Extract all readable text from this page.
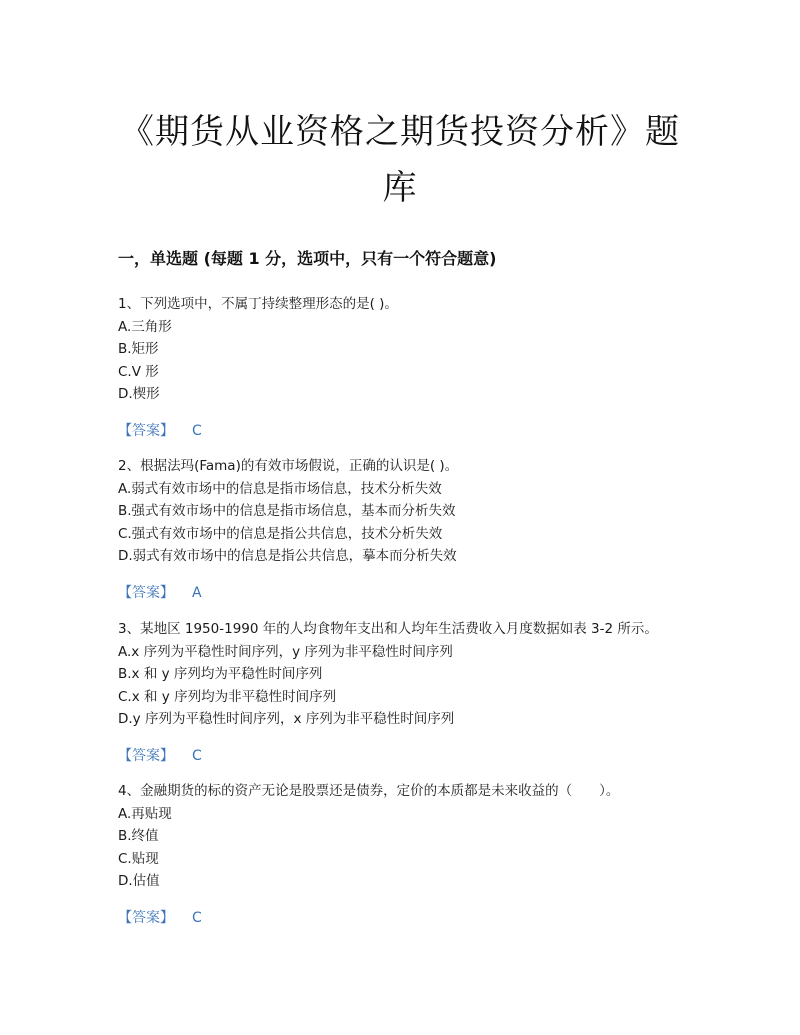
《期货从业资格之期货投资分析》题
库
一，单选题 (每题 1 分，选项中，只有一个符合题意)
1、下列选项中，不属丁持续整理形态的是( )。
A.三角形
B.矩形
C.V 形
D.楔形
【答案】 C
2、根据法玛(Fama)的有效市场假说，正确的认识是( )。
A.弱式有效市场中的信息是指市场信息，技术分析失效
B.强式有效市场中的信息是指市场信息，基本而分析失效
C.强式有效市场中的信息是指公共信息，技术分析失效
D.弱式有效市场中的信息是指公共信息，摹本而分析失效
【答案】 A
3、某地区 1950-1990 年的人均食物年支出和人均年生活费收入月度数据如表 3-2 所示。
A.x 序列为平稳性时间序列，y 序列为非平稳性时间序列
B.x 和 y 序列均为平稳性时间序列
C.x 和 y 序列均为非平稳性时间序列
D.y 序列为平稳性时间序列，x 序列为非平稳性时间序列
【答案】 C
4、金融期货的标的资产无论是股票还是债券，定价的本质都是未来收益的（　　）。
A.再贴现
B.终值
C.贴现
D.估值
【答案】 C
